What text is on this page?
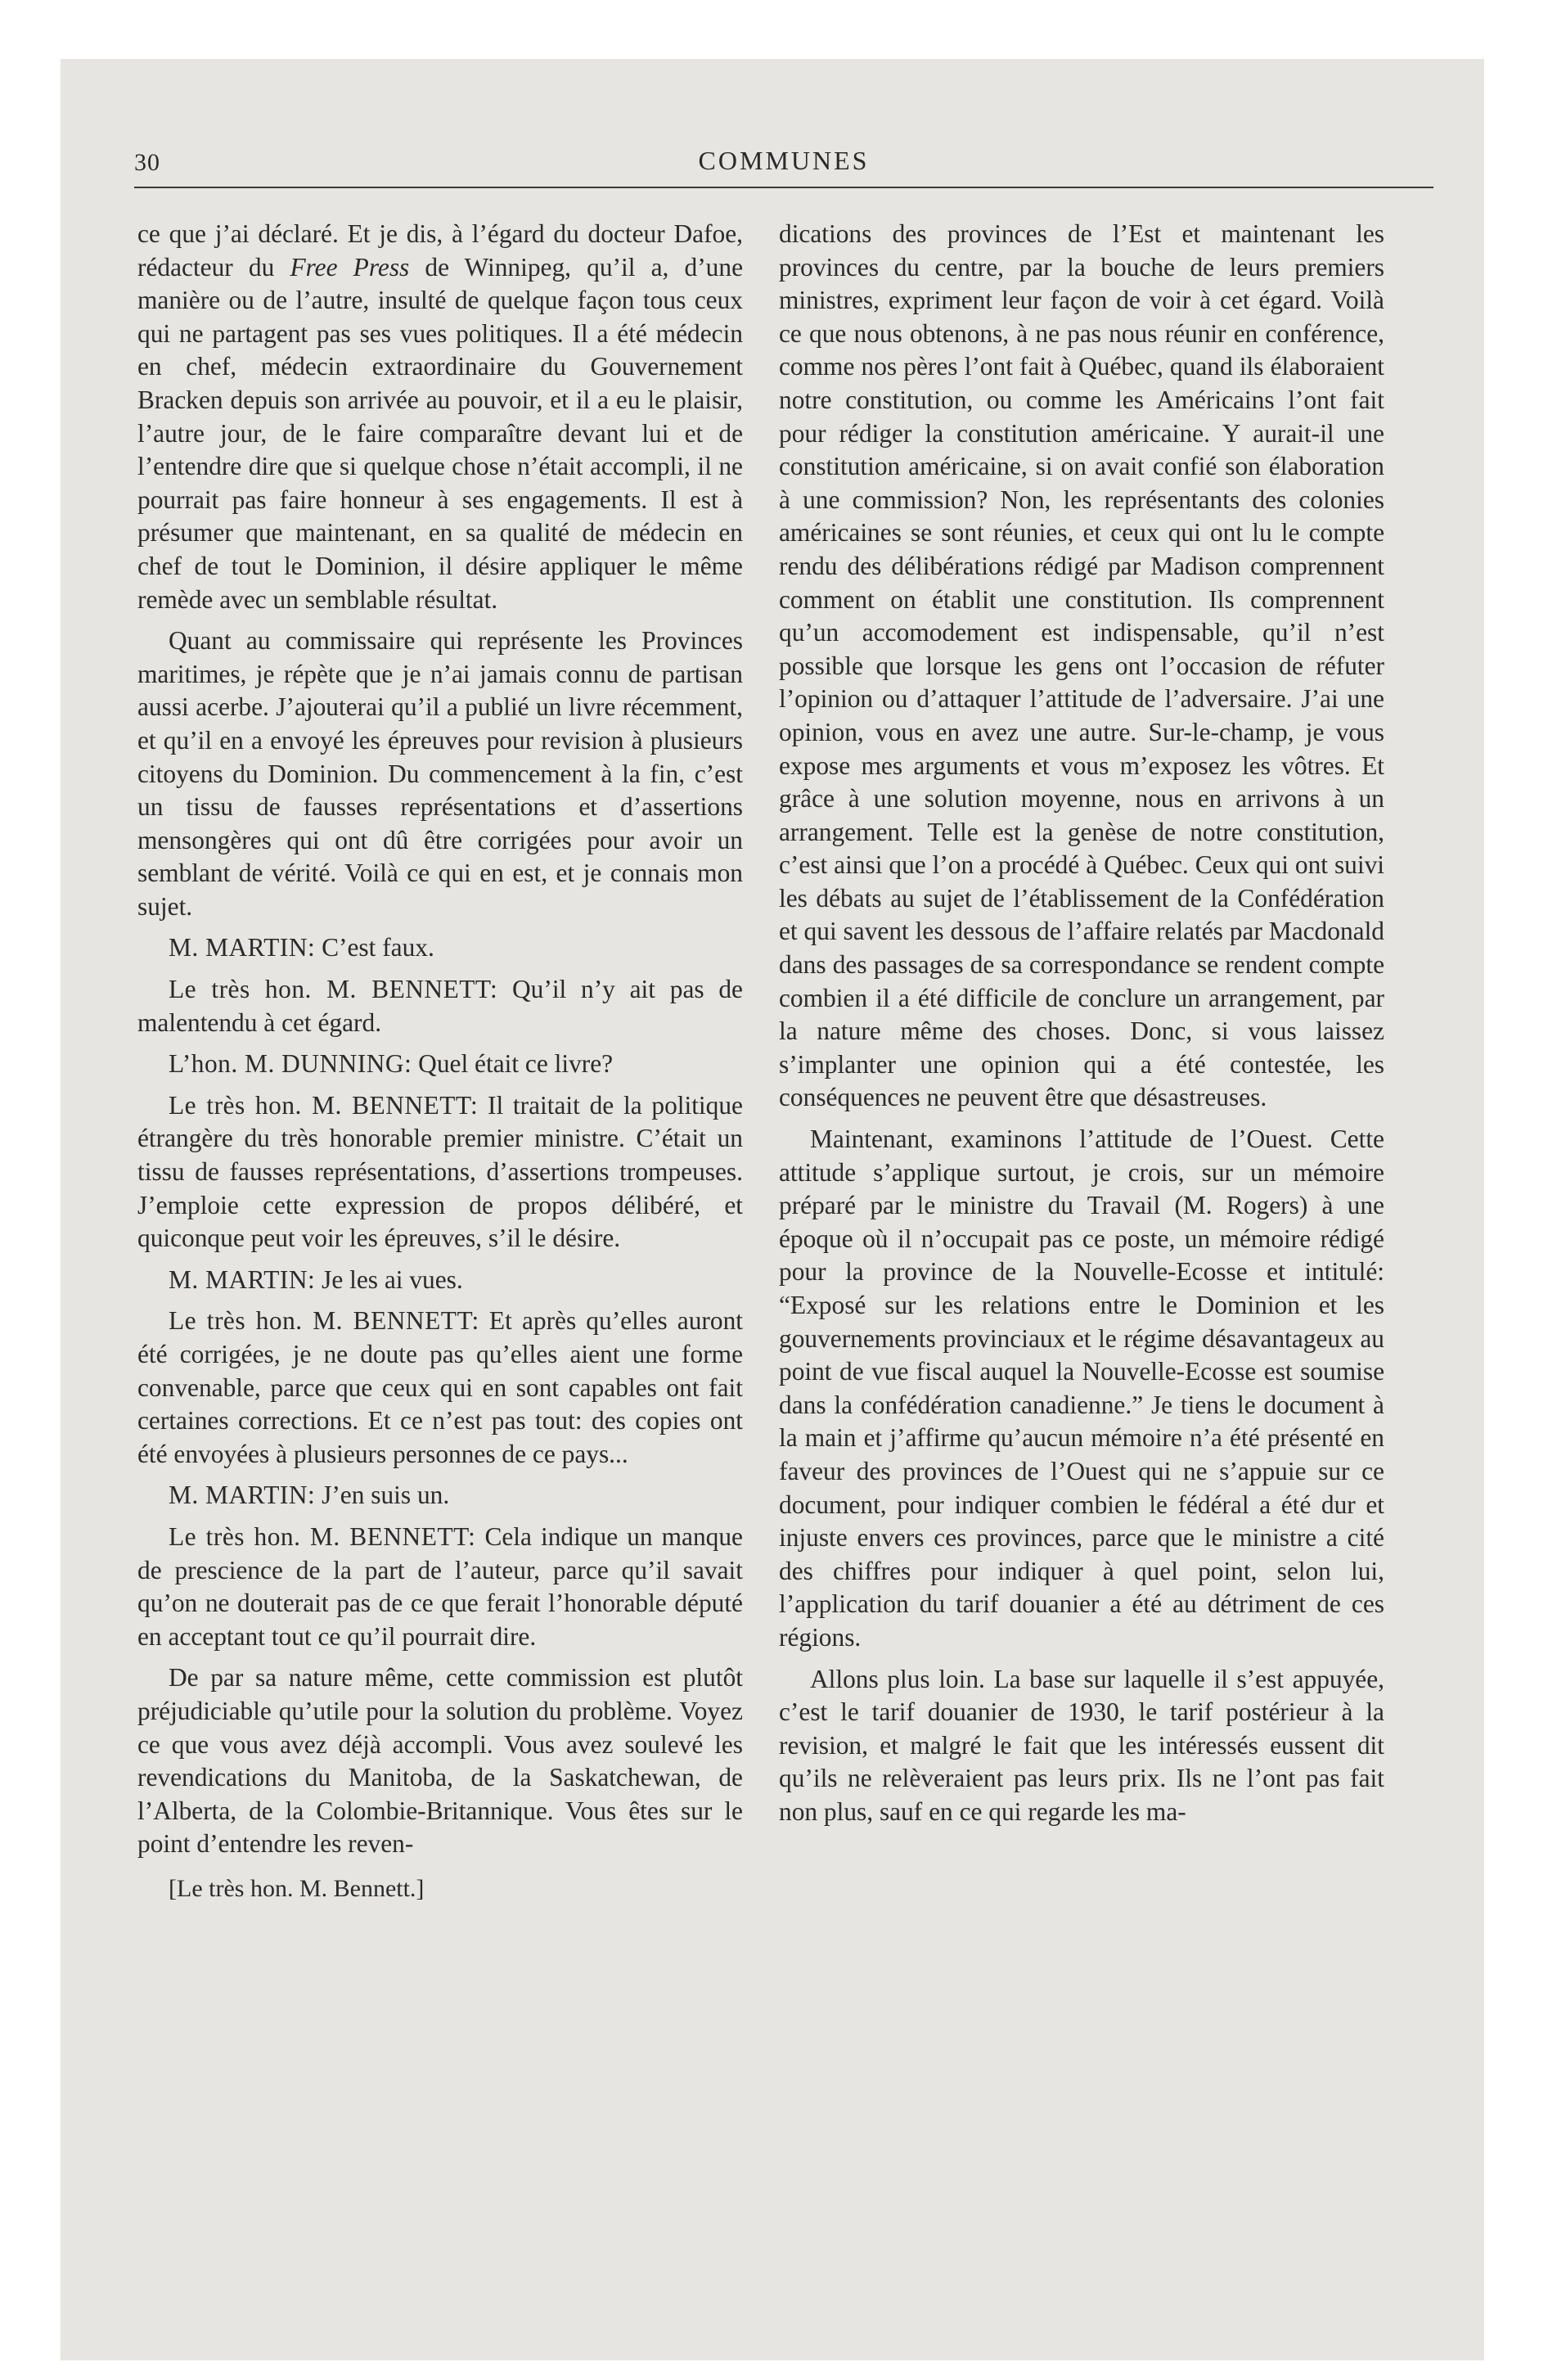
30	COMMUNES

ce que j’ai déclaré. Et je dis, à l’égard du docteur Dafoe, rédacteur du Free Press de Winnipeg, qu’il a, d’une manière ou de l’autre, insulté de quelque façon tous ceux qui ne partagent pas ses vues politiques. Il a été médecin en chef, médecin extraordinaire du Gouvernement Bracken depuis son arrivée au pouvoir, et il a eu le plaisir, l’autre jour, de le faire comparaître devant lui et de l’entendre dire que si quelque chose n’était accompli, il ne pourrait pas faire honneur à ses engagements. Il est à présumer que maintenant, en sa qualité de médecin en chef de tout le Dominion, il désire appliquer le même remède avec un semblable résultat.

Quant au commissaire qui représente les Provinces maritimes, je répète que je n’ai jamais connu de partisan aussi acerbe. J’ajouterai qu’il a publié un livre récemment, et qu’il en a envoyé les épreuves pour revision à plusieurs citoyens du Dominion. Du commencement à la fin, c’est un tissu de fausses représentations et d’assertions mensongères qui ont dû être corrigées pour avoir un semblant de vérité. Voilà ce qui en est, et je connais mon sujet.

M. MARTIN: C’est faux.

Le très hon. M. BENNETT: Qu’il n’y ait pas de malentendu à cet égard.

L’hon. M. DUNNING: Quel était ce livre?

Le très hon. M. BENNETT: Il traitait de la politique étrangère du très honorable premier ministre. C’était un tissu de fausses représentations, d’assertions trompeuses. J’emploie cette expression de propos délibéré, et quiconque peut voir les épreuves, s’il le désire.

M. MARTIN: Je les ai vues.

Le très hon. M. BENNETT: Et après qu’elles auront été corrigées, je ne doute pas qu’elles aient une forme convenable, parce que ceux qui en sont capables ont fait certaines corrections. Et ce n’est pas tout: des copies ont été envoyées à plusieurs personnes de ce pays...

M. MARTIN: J’en suis un.

Le très hon. M. BENNETT: Cela indique un manque de prescience de la part de l’auteur, parce qu’il savait qu’on ne douterait pas de ce que ferait l’honorable député en acceptant tout ce qu’il pourrait dire.

De par sa nature même, cette commission est plutôt préjudiciable qu’utile pour la solution du problème. Voyez ce que vous avez déjà accompli. Vous avez soulevé les revendications du Manitoba, de la Saskatchewan, de l’Alberta, de la Colombie-Britannique. Vous êtes sur le point d’entendre les reven-

[Le très hon. M. Bennett.]

dications des provinces de l’Est et maintenant les provinces du centre, par la bouche de leurs premiers ministres, expriment leur façon de voir à cet égard. Voilà ce que nous obtenons, à ne pas nous réunir en conférence, comme nos pères l’ont fait à Québec, quand ils élaboraient notre constitution, ou comme les Américains l’ont fait pour rédiger la constitution américaine. Y aurait-il une constitution américaine, si on avait confié son élaboration à une commission? Non, les représentants des colonies américaines se sont réunies, et ceux qui ont lu le compte rendu des délibérations rédigé par Madison comprennent comment on établit une constitution. Ils comprennent qu’un accomodement est indispensable, qu’il n’est possible que lorsque les gens ont l’occasion de réfuter l’opinion ou d’attaquer l’attitude de l’adversaire. J’ai une opinion, vous en avez une autre. Sur-le-champ, je vous expose mes arguments et vous m’exposez les vôtres. Et grâce à une solution moyenne, nous en arrivons à un arrangement. Telle est la genèse de notre constitution, c’est ainsi que l’on a procédé à Québec. Ceux qui ont suivi les débats au sujet de l’établissement de la Confédération et qui savent les dessous de l’affaire relatés par Macdonald dans des passages de sa correspondance se rendent compte combien il a été difficile de conclure un arrangement, par la nature même des choses. Donc, si vous laissez s’implanter une opinion qui a été contestée, les conséquences ne peuvent être que désastreuses.

Maintenant, examinons l’attitude de l’Ouest. Cette attitude s’applique surtout, je crois, sur un mémoire préparé par le ministre du Travail (M. Rogers) à une époque où il n’occupait pas ce poste, un mémoire rédigé pour la province de la Nouvelle-Ecosse et intitulé: “Exposé sur les relations entre le Dominion et les gouvernements provinciaux et le régime désavantageux au point de vue fiscal auquel la Nouvelle-Ecosse est soumise dans la confédération canadienne.” Je tiens le document à la main et j’affirme qu’aucun mémoire n’a été présenté en faveur des provinces de l’Ouest qui ne s’appuie sur ce document, pour indiquer combien le fédéral a été dur et injuste envers ces provinces, parce que le ministre a cité des chiffres pour indiquer à quel point, selon lui, l’application du tarif douanier a été au détriment de ces régions.

Allons plus loin. La base sur laquelle il s’est appuyée, c’est le tarif douanier de 1930, le tarif postérieur à la revision, et malgré le fait que les intéressés eussent dit qu’ils ne relèveraient pas leurs prix. Ils ne l’ont pas fait non plus, sauf en ce qui regarde les ma-
